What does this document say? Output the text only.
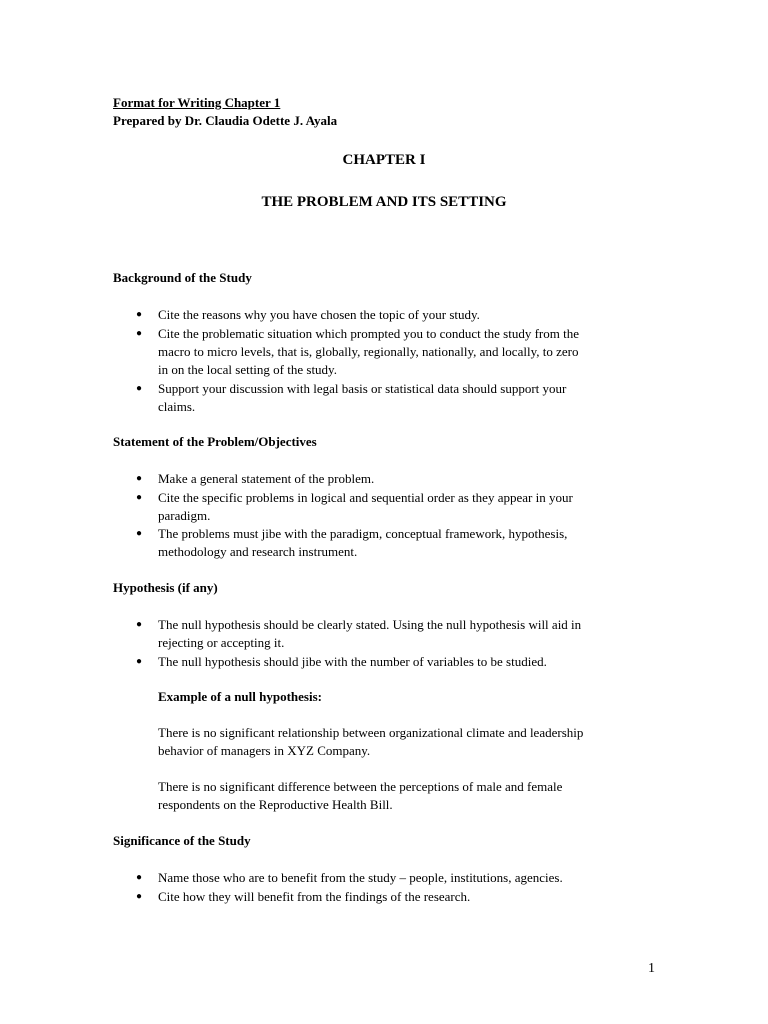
Format for Writing Chapter 1
Prepared by Dr. Claudia Odette J. Ayala
CHAPTER I
THE PROBLEM AND ITS SETTING
Background of the Study
● Cite the reasons why you have chosen the topic of your study.
● Cite the problematic situation which prompted you to conduct the study from the
macro to micro levels, that is, globally, regionally, nationally, and locally, to zero
in on the local setting of the study.
● Support your discussion with legal basis or statistical data should support your
claims.
Statement of the Problem/Objectives
● Make a general statement of the problem.
● Cite the specific problems in logical and sequential order as they appear in your
paradigm.
● The problems must jibe with the paradigm, conceptual framework, hypothesis,
methodology and research instrument.
Hypothesis (if any)
● The null hypothesis should be clearly stated. Using the null hypothesis will aid in
rejecting or accepting it.
● The null hypothesis should jibe with the number of variables to be studied.
Example of a null hypothesis:
There is no significant relationship between organizational climate and leadership
behavior of managers in XYZ Company.
There is no significant difference between the perceptions of male and female
respondents on the Reproductive Health Bill.
Significance of the Study
● Name those who are to benefit from the study – people, institutions, agencies.
● Cite how they will benefit from the findings of the research.
1
